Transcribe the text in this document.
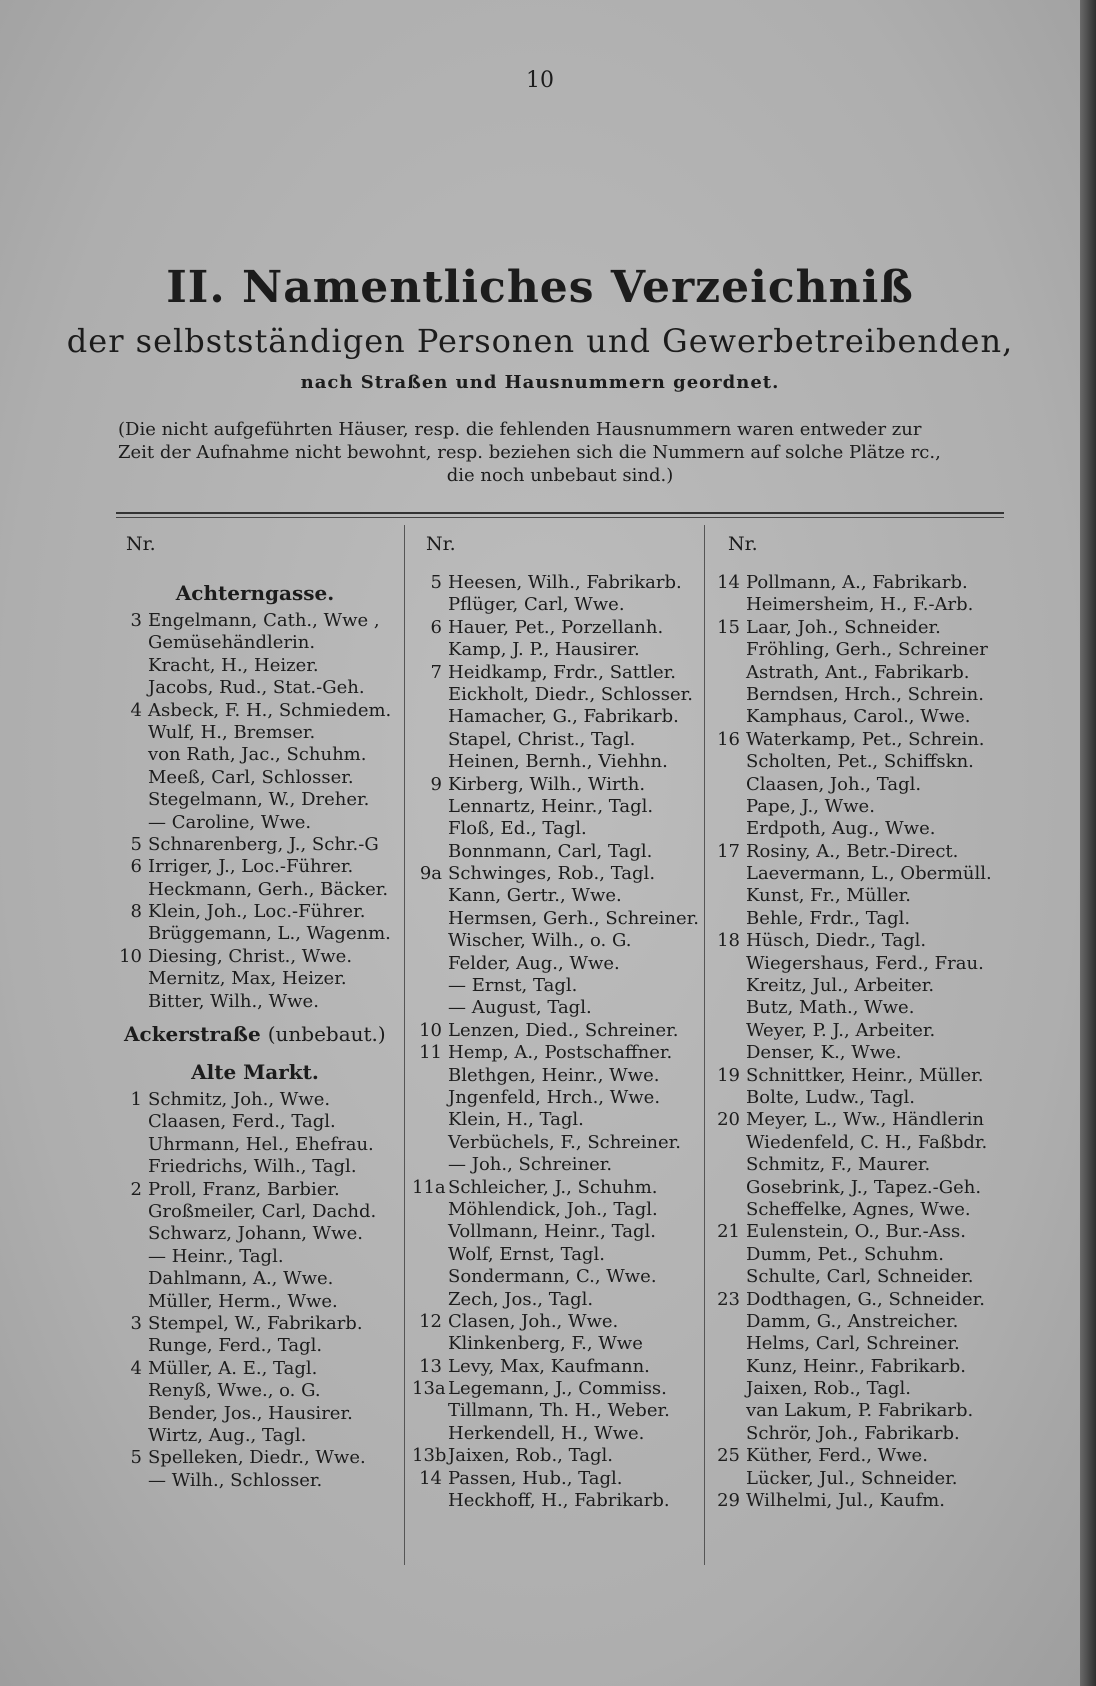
10
II. Namentliches Verzeichniß
der selbstständigen Personen und Gewerbetreibenden,
nach Straßen und Hausnummern geordnet.
(Die nicht aufgeführten Häuser, resp. die fehlenden Hausnummern waren entweder zur
Zeit der Aufnahme nicht bewohnt, resp. beziehen sich die Nummern auf solche Plätze rc.,
die noch unbebaut sind.)
Nr.
Achterngasse.
3 Engelmann, Cath., Wwe ,
Gemüsehändlerin.
Kracht, H., Heizer.
Jacobs, Rud., Stat.-Geh.
4 Asbeck, F. H., Schmiedem.
Wulf, H., Bremser.
von Rath, Jac., Schuhm.
Meeß, Carl, Schlosser.
Stegelmann, W., Dreher.
— Caroline, Wwe.
5 Schnarenberg, J., Schr.-G
6 Irriger, J., Loc.-Führer.
Heckmann, Gerh., Bäcker.
8 Klein, Joh., Loc.-Führer.
Brüggemann, L., Wagenm.
10 Diesing, Christ., Wwe.
Mernitz, Max, Heizer.
Bitter, Wilh., Wwe.
Ackerstraße (unbebaut.)
Alte Markt.
1 Schmitz, Joh., Wwe.
Claasen, Ferd., Tagl.
Uhrmann, Hel., Ehefrau.
Friedrichs, Wilh., Tagl.
2 Proll, Franz, Barbier.
Großmeiler, Carl, Dachd.
Schwarz, Johann, Wwe.
— Heinr., Tagl.
Dahlmann, A., Wwe.
Müller, Herm., Wwe.
3 Stempel, W., Fabrikarb.
Runge, Ferd., Tagl.
4 Müller, A. E., Tagl.
Renyß, Wwe., o. G.
Bender, Jos., Hausirer.
Wirtz, Aug., Tagl.
5 Spelleken, Diedr., Wwe.
— Wilh., Schlosser.
Nr.
5 Heesen, Wilh., Fabrikarb.
Pflüger, Carl, Wwe.
6 Hauer, Pet., Porzellanh.
Kamp, J. P., Hausirer.
7 Heidkamp, Frdr., Sattler.
Eickholt, Diedr., Schlosser.
Hamacher, G., Fabrikarb.
Stapel, Christ., Tagl.
Heinen, Bernh., Viehhn.
9 Kirberg, Wilh., Wirth.
Lennartz, Heinr., Tagl.
Floß, Ed., Tagl.
Bonnmann, Carl, Tagl.
9a Schwinges, Rob., Tagl.
Kann, Gertr., Wwe.
Hermsen, Gerh., Schreiner.
Wischer, Wilh., o. G.
Felder, Aug., Wwe.
— Ernst, Tagl.
— August, Tagl.
10 Lenzen, Died., Schreiner.
11 Hemp, A., Postschaffner.
Blethgen, Heinr., Wwe.
Jngenfeld, Hrch., Wwe.
Klein, H., Tagl.
Verbüchels, F., Schreiner.
— Joh., Schreiner.
11a Schleicher, J., Schuhm.
Möhlendick, Joh., Tagl.
Vollmann, Heinr., Tagl.
Wolf, Ernst, Tagl.
Sondermann, C., Wwe.
Zech, Jos., Tagl.
12 Clasen, Joh., Wwe.
Klinkenberg, F., Wwe
13 Levy, Max, Kaufmann.
13a Legemann, J., Commiss.
Tillmann, Th. H., Weber.
Herkendell, H., Wwe.
13b Jaixen, Rob., Tagl.
14 Passen, Hub., Tagl.
Heckhoff, H., Fabrikarb.
Nr.
14 Pollmann, A., Fabrikarb.
Heimersheim, H., F.-Arb.
15 Laar, Joh., Schneider.
Fröhling, Gerh., Schreiner
Astrath, Ant., Fabrikarb.
Berndsen, Hrch., Schrein.
Kamphaus, Carol., Wwe.
16 Waterkamp, Pet., Schrein.
Scholten, Pet., Schiffskn.
Claasen, Joh., Tagl.
Pape, J., Wwe.
Erdpoth, Aug., Wwe.
17 Rosiny, A., Betr.-Direct.
Laevermann, L., Obermüll.
Kunst, Fr., Müller.
Behle, Frdr., Tagl.
18 Hüsch, Diedr., Tagl.
Wiegershaus, Ferd., Frau.
Kreitz, Jul., Arbeiter.
Butz, Math., Wwe.
Weyer, P. J., Arbeiter.
Denser, K., Wwe.
19 Schnittker, Heinr., Müller.
Bolte, Ludw., Tagl.
20 Meyer, L., Ww., Händlerin
Wiedenfeld, C. H., Faßbdr.
Schmitz, F., Maurer.
Gosebrink, J., Tapez.-Geh.
Scheffelke, Agnes, Wwe.
21 Eulenstein, O., Bur.-Ass.
Dumm, Pet., Schuhm.
Schulte, Carl, Schneider.
23 Dodthagen, G., Schneider.
Damm, G., Anstreicher.
Helms, Carl, Schreiner.
Kunz, Heinr., Fabrikarb.
Jaixen, Rob., Tagl.
van Lakum, P. Fabrikarb.
Schrör, Joh., Fabrikarb.
25 Küther, Ferd., Wwe.
Lücker, Jul., Schneider.
29 Wilhelmi, Jul., Kaufm.
